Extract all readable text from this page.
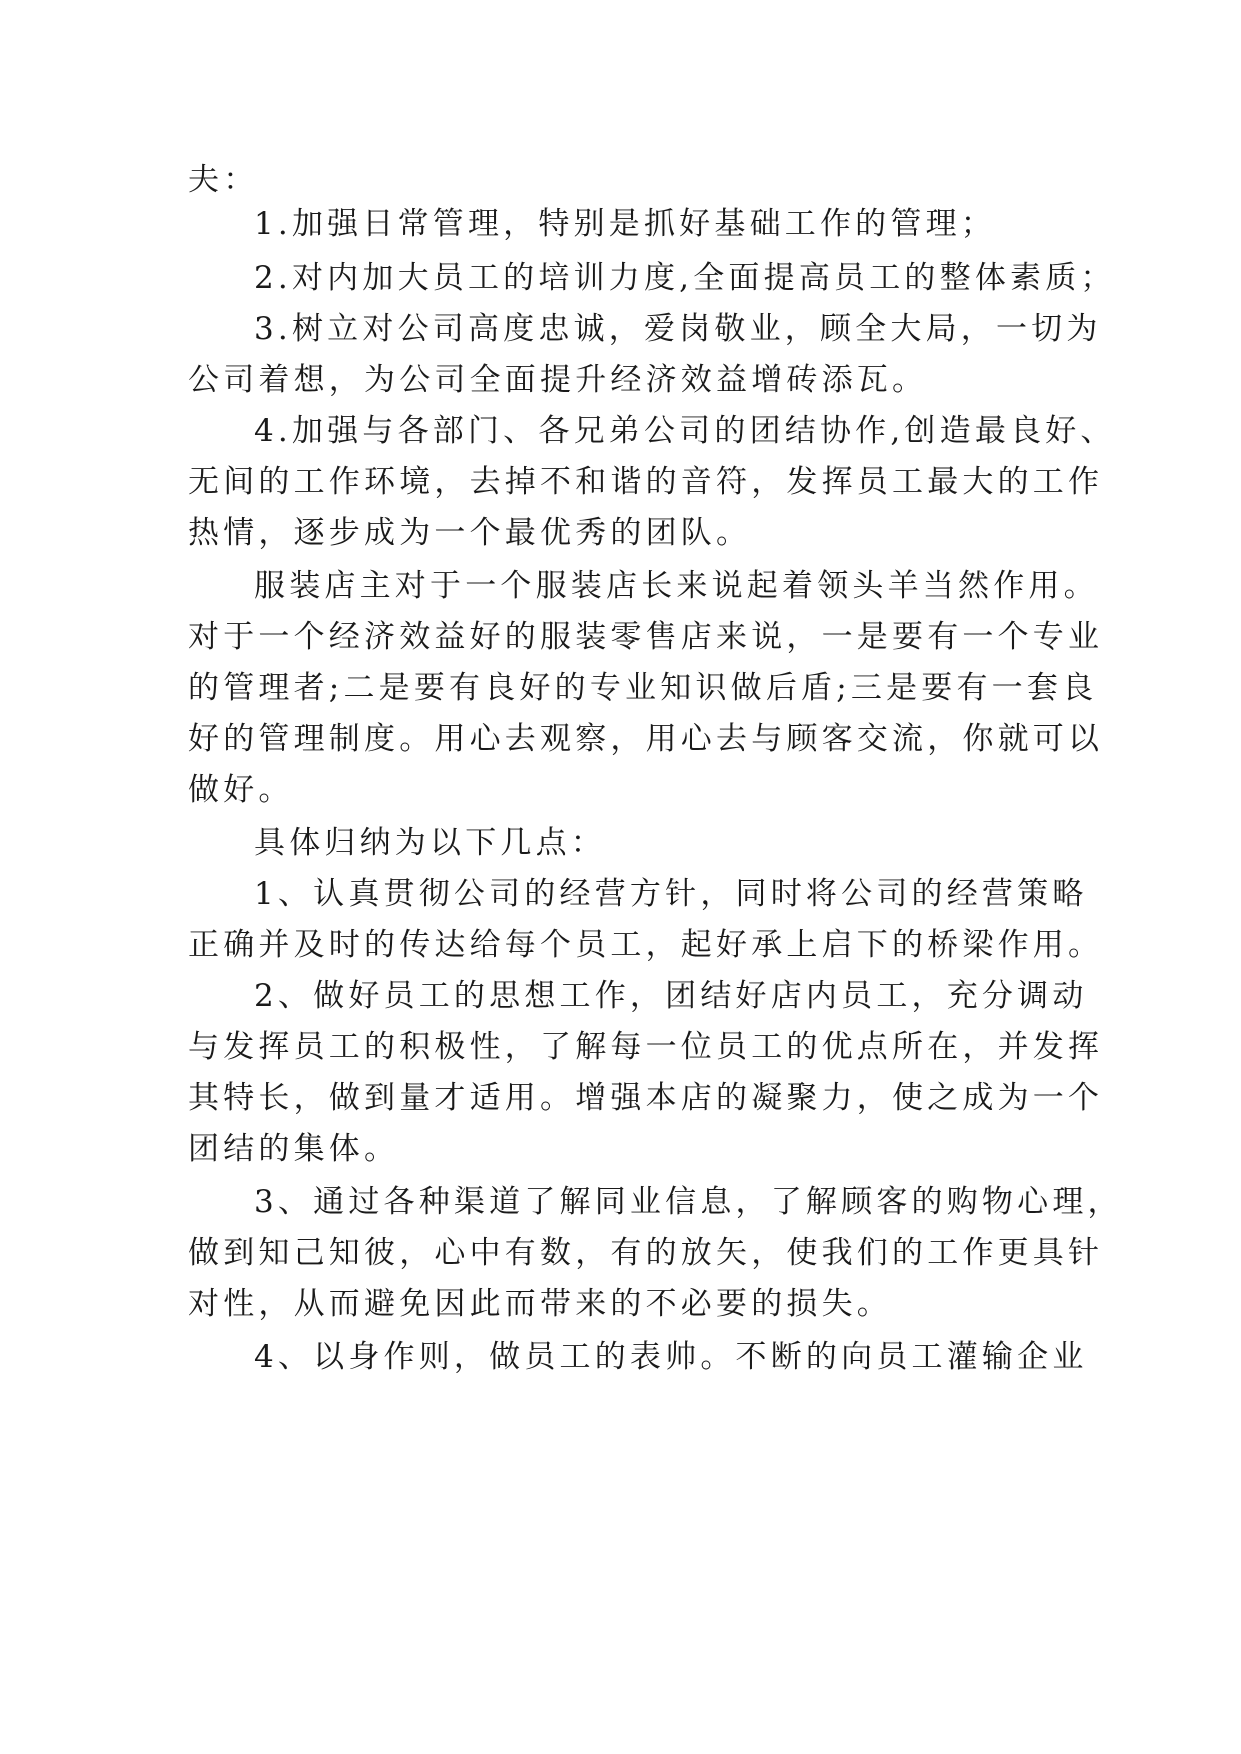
夫：
1.加强日常管理，特别是抓好基础工作的管理；
2.对内加大员工的培训力度,全面提高员工的整体素质；
3.树立对公司高度忠诚，爱岗敬业，顾全大局，一切为
公司着想，为公司全面提升经济效益增砖添瓦。
4.加强与各部门、各兄弟公司的团结协作,创造最良好、
无间的工作环境，去掉不和谐的音符，发挥员工最大的工作
热情，逐步成为一个最优秀的团队。
服装店主对于一个服装店长来说起着领头羊当然作用。
对于一个经济效益好的服装零售店来说，一是要有一个专业
的管理者;二是要有良好的专业知识做后盾;三是要有一套良
好的管理制度。用心去观察，用心去与顾客交流，你就可以
做好。
具体归纳为以下几点：
1、认真贯彻公司的经营方针，同时将公司的经营策略
正确并及时的传达给每个员工，起好承上启下的桥梁作用。
2、做好员工的思想工作，团结好店内员工，充分调动
与发挥员工的积极性，了解每一位员工的优点所在，并发挥
其特长，做到量才适用。增强本店的凝聚力，使之成为一个
团结的集体。
3、通过各种渠道了解同业信息，了解顾客的购物心理，
做到知己知彼，心中有数，有的放矢，使我们的工作更具针
对性，从而避免因此而带来的不必要的损失。
4、以身作则，做员工的表帅。不断的向员工灌输企业
